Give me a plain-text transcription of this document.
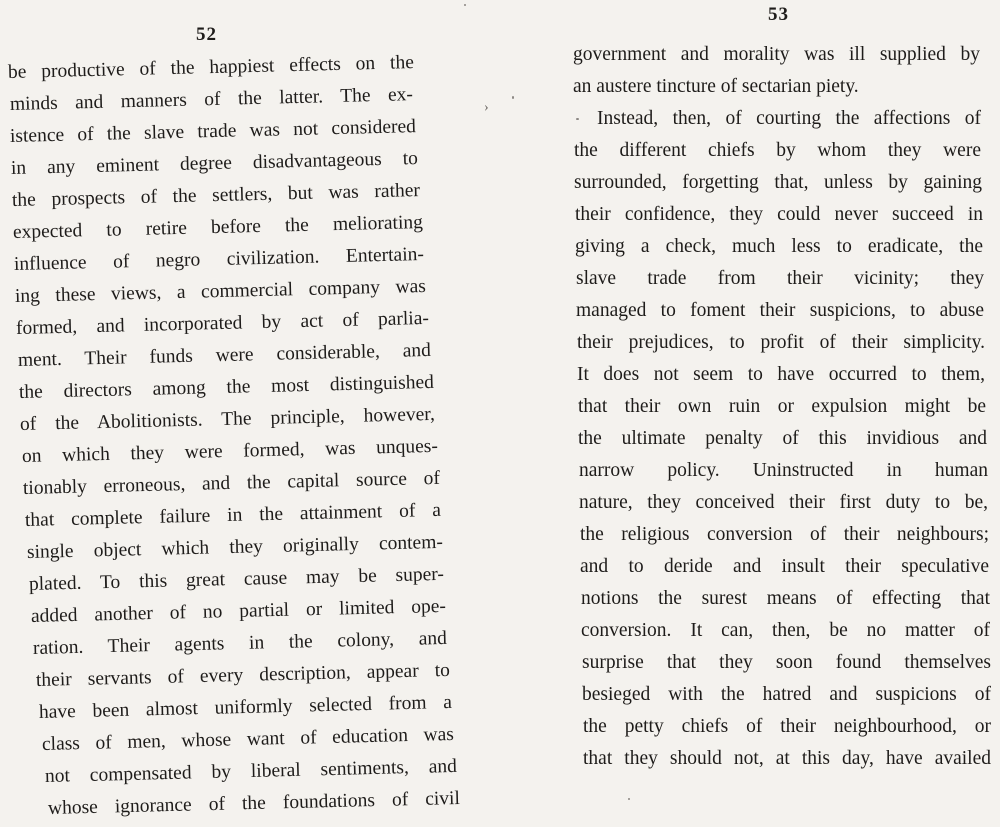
52
be productive of the happiest effects on the
minds and manners of the latter. The ex-
istence of the slave trade was not considered
in any eminent degree disadvantageous to
the prospects of the settlers, but was rather
expected to retire before the meliorating
influence of negro civilization. Entertain-
ing these views, a commercial company was
formed, and incorporated by act of parlia-
ment. Their funds were considerable, and
the directors among the most distinguished
of the Abolitionists. The principle, however,
on which they were formed, was unques-
tionably erroneous, and the capital source of
that complete failure in the attainment of a
single object which they originally contem-
plated. To this great cause may be super-
added another of no partial or limited ope-
ration. Their agents in the colony, and
their servants of every description, appear to
have been almost uniformly selected from a
class of men, whose want of education was
not compensated by liberal sentiments, and
whose ignorance of the foundations of civil
53
government and morality was ill supplied by
an austere tincture of sectarian piety.
Instead, then, of courting the affections of
the different chiefs by whom they were
surrounded, forgetting that, unless by gaining
their confidence, they could never succeed in
giving a check, much less to eradicate, the
slave trade from their vicinity; they
managed to foment their suspicions, to abuse
their prejudices, to profit of their simplicity.
It does not seem to have occurred to them,
that their own ruin or expulsion might be
the ultimate penalty of this invidious and
narrow policy. Uninstructed in human
nature, they conceived their first duty to be,
the religious conversion of their neighbours;
and to deride and insult their speculative
notions the surest means of effecting that
conversion. It can, then, be no matter of
surprise that they soon found themselves
besieged with the hatred and suspicions of
the petty chiefs of their neighbourhood, or
that they should not, at this day, have availed
›
